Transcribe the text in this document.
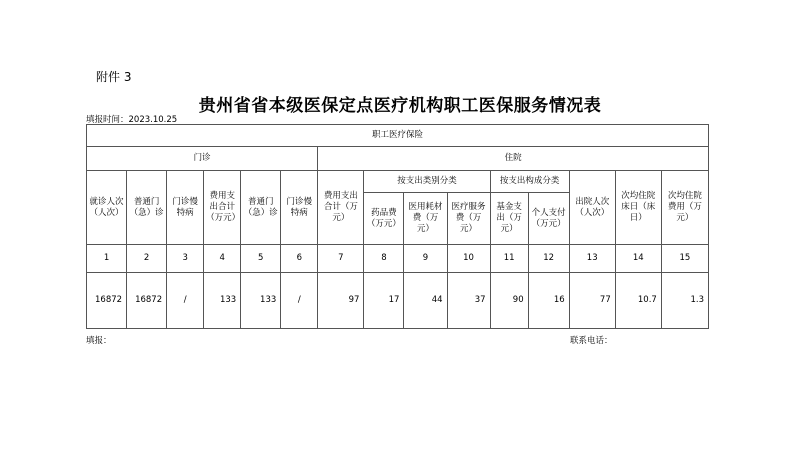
附件 3
贵州省省本级医保定点医疗机构职工医保服务情况表
填报时间：2023.10.25
职工医疗保险														
门诊						住院								
就诊人次（人次）	普通门（急）诊	门诊慢特病	费用支出合计（万元）	普通门（急）诊	门诊慢特病	费用支出合计（万元）	按支出类别分类			按支出构成分类		出院人次（人次）	次均住院床日（床日）	次均住院费用（万元）
							药品费（万元）	医用耗材费（万元）	医疗服务费（万元）	基金支出（万元）	个人支付（万元）			
1	2	3	4	5	6	7	8	9	10	11	12	13	14	15
16872	16872	/	133	133	/	97	17	44	37	90	16	77	10.7	1.3
填报：	联系电话：
